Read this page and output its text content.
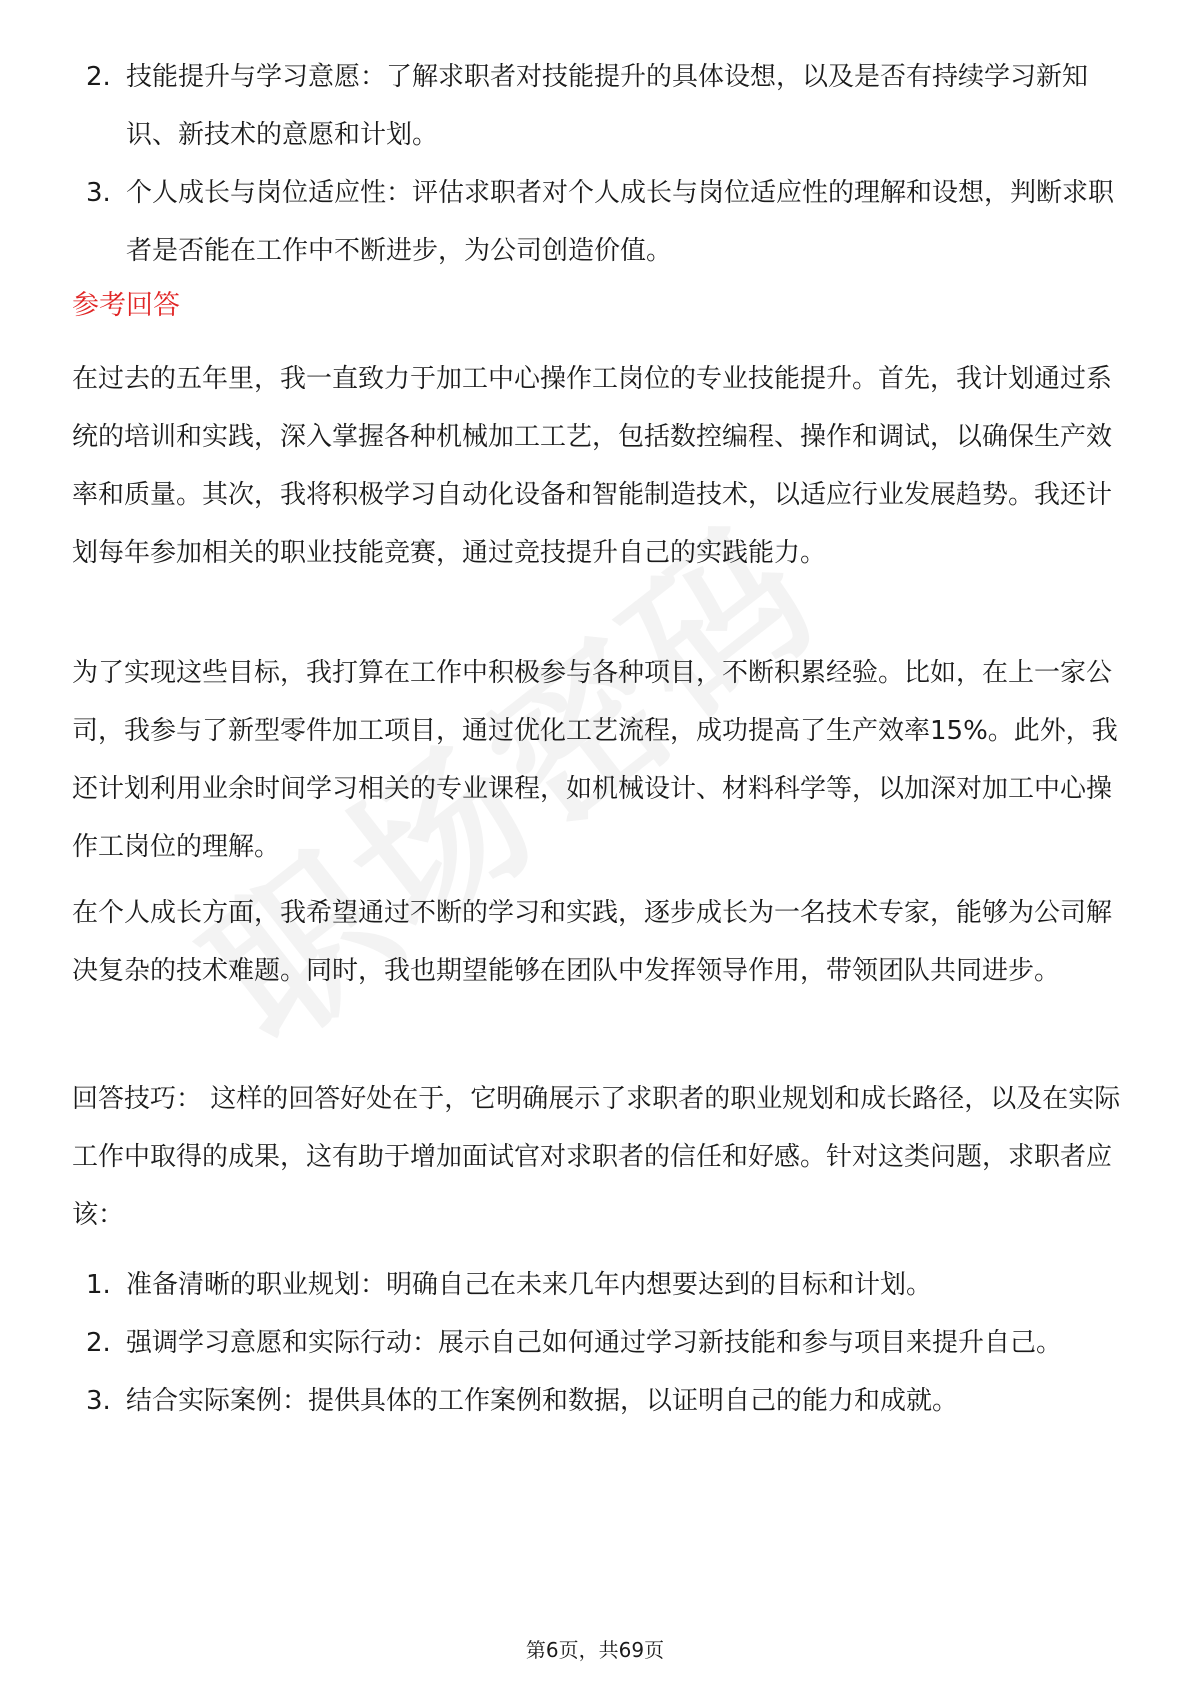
2. 技能提升与学习意愿：了解求职者对技能提升的具体设想，以及是否有持续学习新知识、新技术的意愿和计划。
3. 个人成长与岗位适应性：评估求职者对个人成长与岗位适应性的理解和设想，判断求职者是否能在工作中不断进步，为公司创造价值。
参考回答

在过去的五年里，我一直致力于加工中心操作工岗位的专业技能提升。首先，我计划通过系统的培训和实践，深入掌握各种机械加工工艺，包括数控编程、操作和调试，以确保生产效率和质量。其次，我将积极学习自动化设备和智能制造技术，以适应行业发展趋势。我还计划每年参加相关的职业技能竞赛，通过竞技提升自己的实践能力。

为了实现这些目标，我打算在工作中积极参与各种项目，不断积累经验。比如，在上一家公司，我参与了新型零件加工项目，通过优化工艺流程，成功提高了生产效率15%。此外，我还计划利用业余时间学习相关的专业课程，如机械设计、材料科学等，以加深对加工中心操作工岗位的理解。

在个人成长方面，我希望通过不断的学习和实践，逐步成长为一名技术专家，能够为公司解决复杂的技术难题。同时，我也期望能够在团队中发挥领导作用，带领团队共同进步。

回答技巧： 这样的回答好处在于，它明确展示了求职者的职业规划和成长路径，以及在实际工作中取得的成果，这有助于增加面试官对求职者的信任和好感。针对这类问题，求职者应该：

1. 准备清晰的职业规划：明确自己在未来几年内想要达到的目标和计划。
2. 强调学习意愿和实际行动：展示自己如何通过学习新技能和参与项目来提升自己。
3. 结合实际案例：提供具体的工作案例和数据，以证明自己的能力和成就。
第6页，共69页
